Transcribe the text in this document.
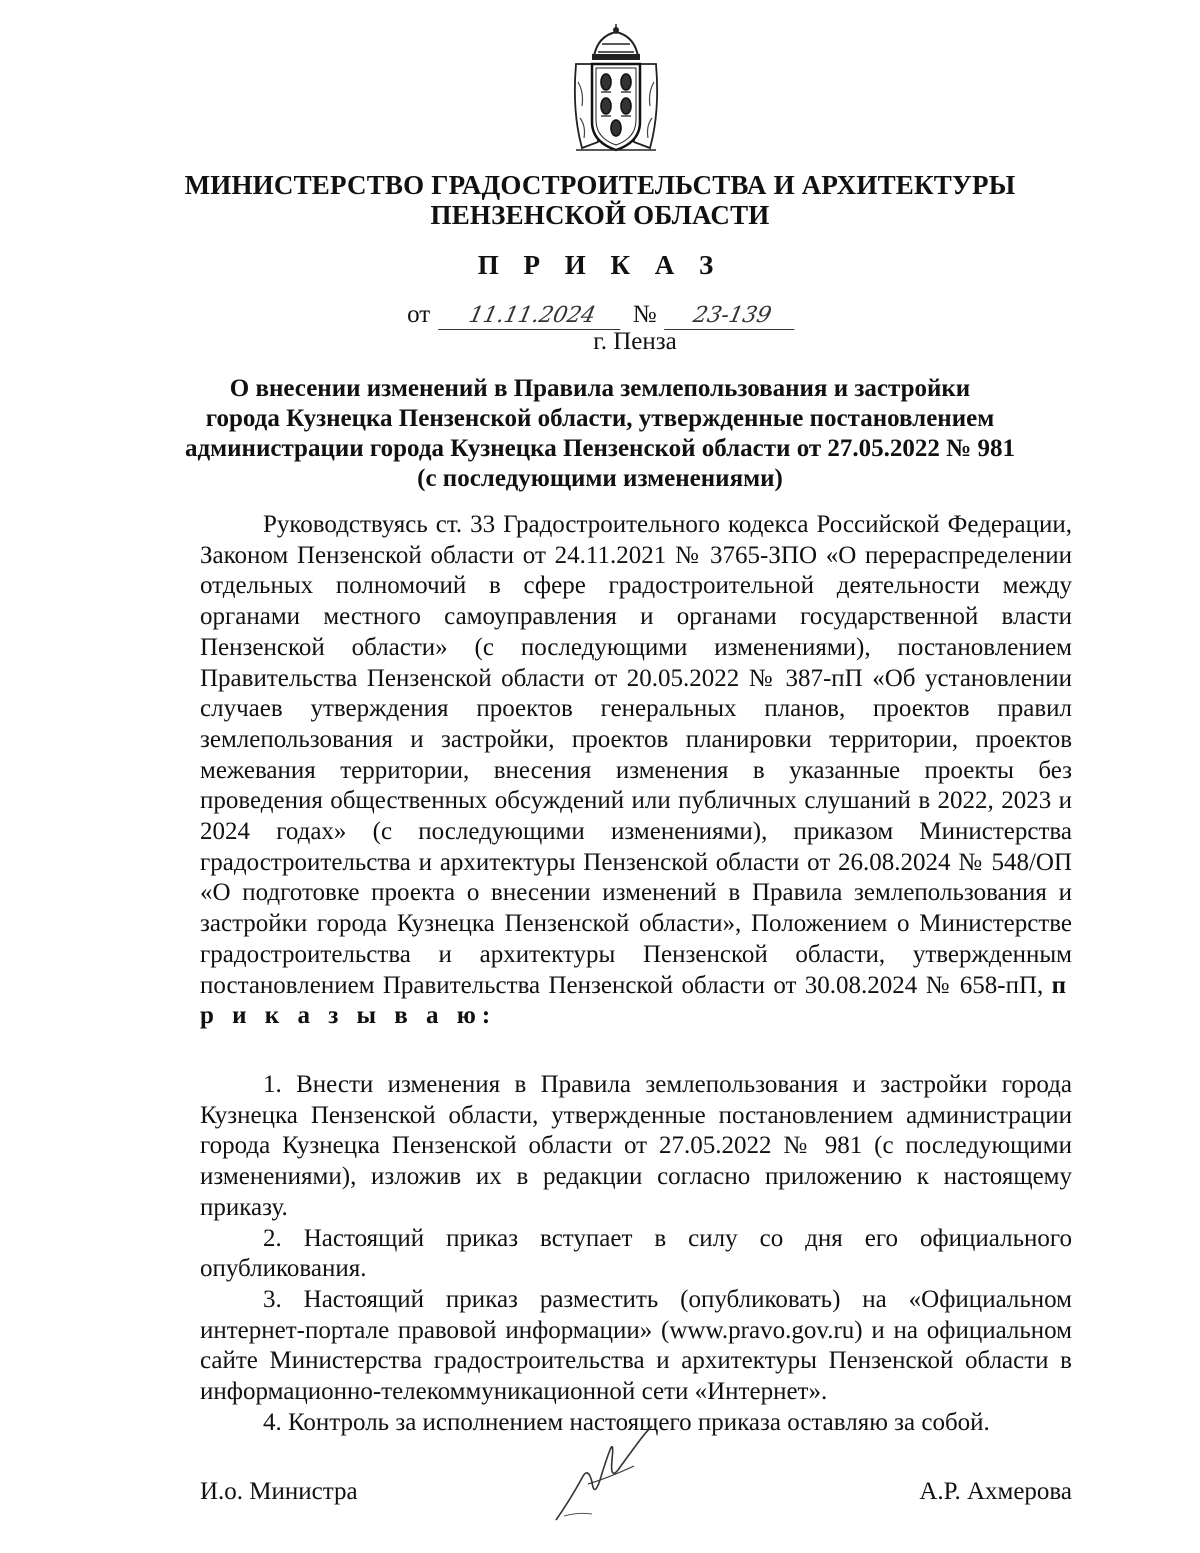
МИНИСТЕРСТВО ГРАДОСТРОИТЕЛЬСТВА И АРХИТЕКТУРЫ
ПЕНЗЕНСКОЙ ОБЛАСТИ
П Р И К А З
от 11.11.2024 № 23-139
г. Пенза
О внесении изменений в Правила землепользования и застройки
города Кузнецка Пензенской области, утвержденные постановлением
администрации города Кузнецка Пензенской области от 27.05.2022 № 981
(с последующими изменениями)

Руководствуясь ст. 33 Градостроительного кодекса Российской Федерации, Законом Пензенской области от 24.11.2021 № 3765-ЗПО «О перераспределении отдельных полномочий в сфере градостроительной деятельности между органами местного самоуправления и органами государственной власти Пензенской области» (с последующими изменениями), постановлением Правительства Пензенской области от 20.05.2022 № 387-пП «Об установлении случаев утверждения проектов генеральных планов, проектов правил землепользования и застройки, проектов планировки территории, проектов межевания территории, внесения изменения в указанные проекты без проведения общественных обсуждений или публичных слушаний в 2022, 2023 и 2024 годах» (с последующими изменениями), приказом Министерства градостроительства и архитектуры Пензенской области от 26.08.2024 № 548/ОП «О подготовке проекта о внесении изменений в Правила землепользования и застройки города Кузнецка Пензенской области», Положением о Министерстве градостроительства и архитектуры Пензенской области, утвержденным постановлением Правительства Пензенской области от 30.08.2024 № 658-пП, п р и к а з ы в а ю:

1. Внести изменения в Правила землепользования и застройки города Кузнецка Пензенской области, утвержденные постановлением администрации города Кузнецка Пензенской области от 27.05.2022 № 981 (с последующими изменениями), изложив их в редакции согласно приложению к настоящему приказу.

2. Настоящий приказ вступает в силу со дня его официального опубликования.

3. Настоящий приказ разместить (опубликовать) на «Официальном интернет-портале правовой информации» (www.pravo.gov.ru) и на официальном сайте Министерства градостроительства и архитектуры Пензенской области в информационно-телекоммуникационной сети «Интернет».

4. Контроль за исполнением настоящего приказа оставляю за собой.

И.о. Министра	А.Р. Ахмерова
